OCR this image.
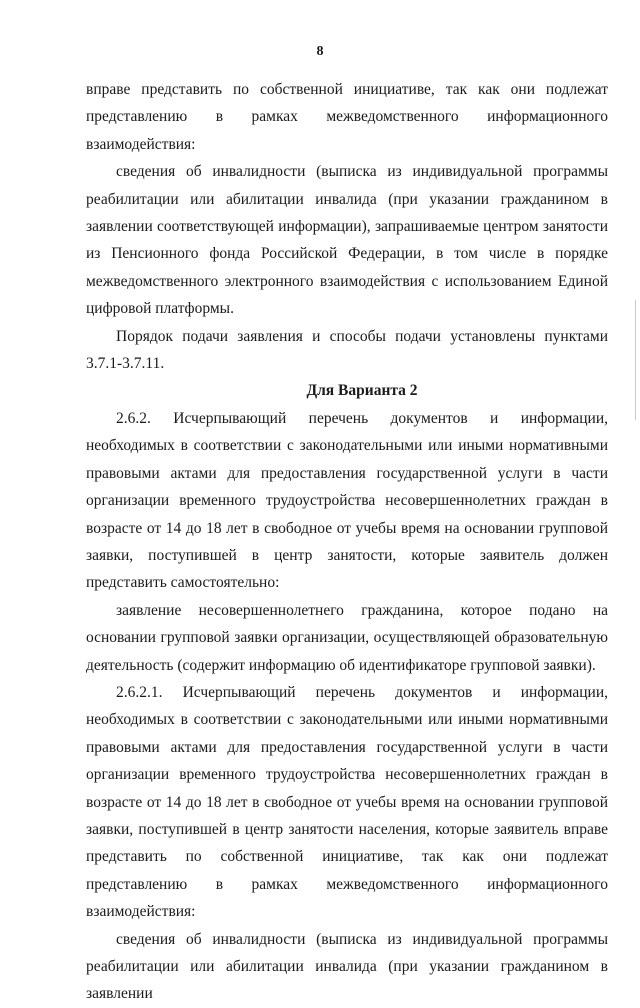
8

вправе представить по собственной инициативе, так как они подлежат представлению в рамках межведомственного информационного взаимодействия:

сведения об инвалидности (выписка из индивидуальной программы реабилитации или абилитации инвалида (при указании гражданином в заявлении соответствующей информации), запрашиваемые центром занятости из Пенсионного фонда Российской Федерации, в том числе в порядке межведомственного электронного взаимодействия с использованием Единой цифровой платформы.

Порядок подачи заявления и способы подачи установлены пунктами 3.7.1-3.7.11.

Для Варианта 2

2.6.2. Исчерпывающий перечень документов и информации, необходимых в соответствии с законодательными или иными нормативными правовыми актами для предоставления государственной услуги в части организации временного трудоустройства несовершеннолетних граждан в возрасте от 14 до 18 лет в свободное от учебы время на основании групповой заявки, поступившей в центр занятости, которые заявитель должен представить самостоятельно:

заявление несовершеннолетнего гражданина, которое подано на основании групповой заявки организации, осуществляющей образовательную деятельность (содержит информацию об идентификаторе групповой заявки).

2.6.2.1. Исчерпывающий перечень документов и информации, необходимых в соответствии с законодательными или иными нормативными правовыми актами для предоставления государственной услуги в части организации временного трудоустройства несовершеннолетних граждан в возрасте от 14 до 18 лет в свободное от учебы время на основании групповой заявки, поступившей в центр занятости населения, которые заявитель вправе представить по собственной инициативе, так как они подлежат представлению в рамках межведомственного информационного взаимодействия:

сведения об инвалидности (выписка из индивидуальной программы реабилитации или абилитации инвалида (при указании гражданином в заявлении
